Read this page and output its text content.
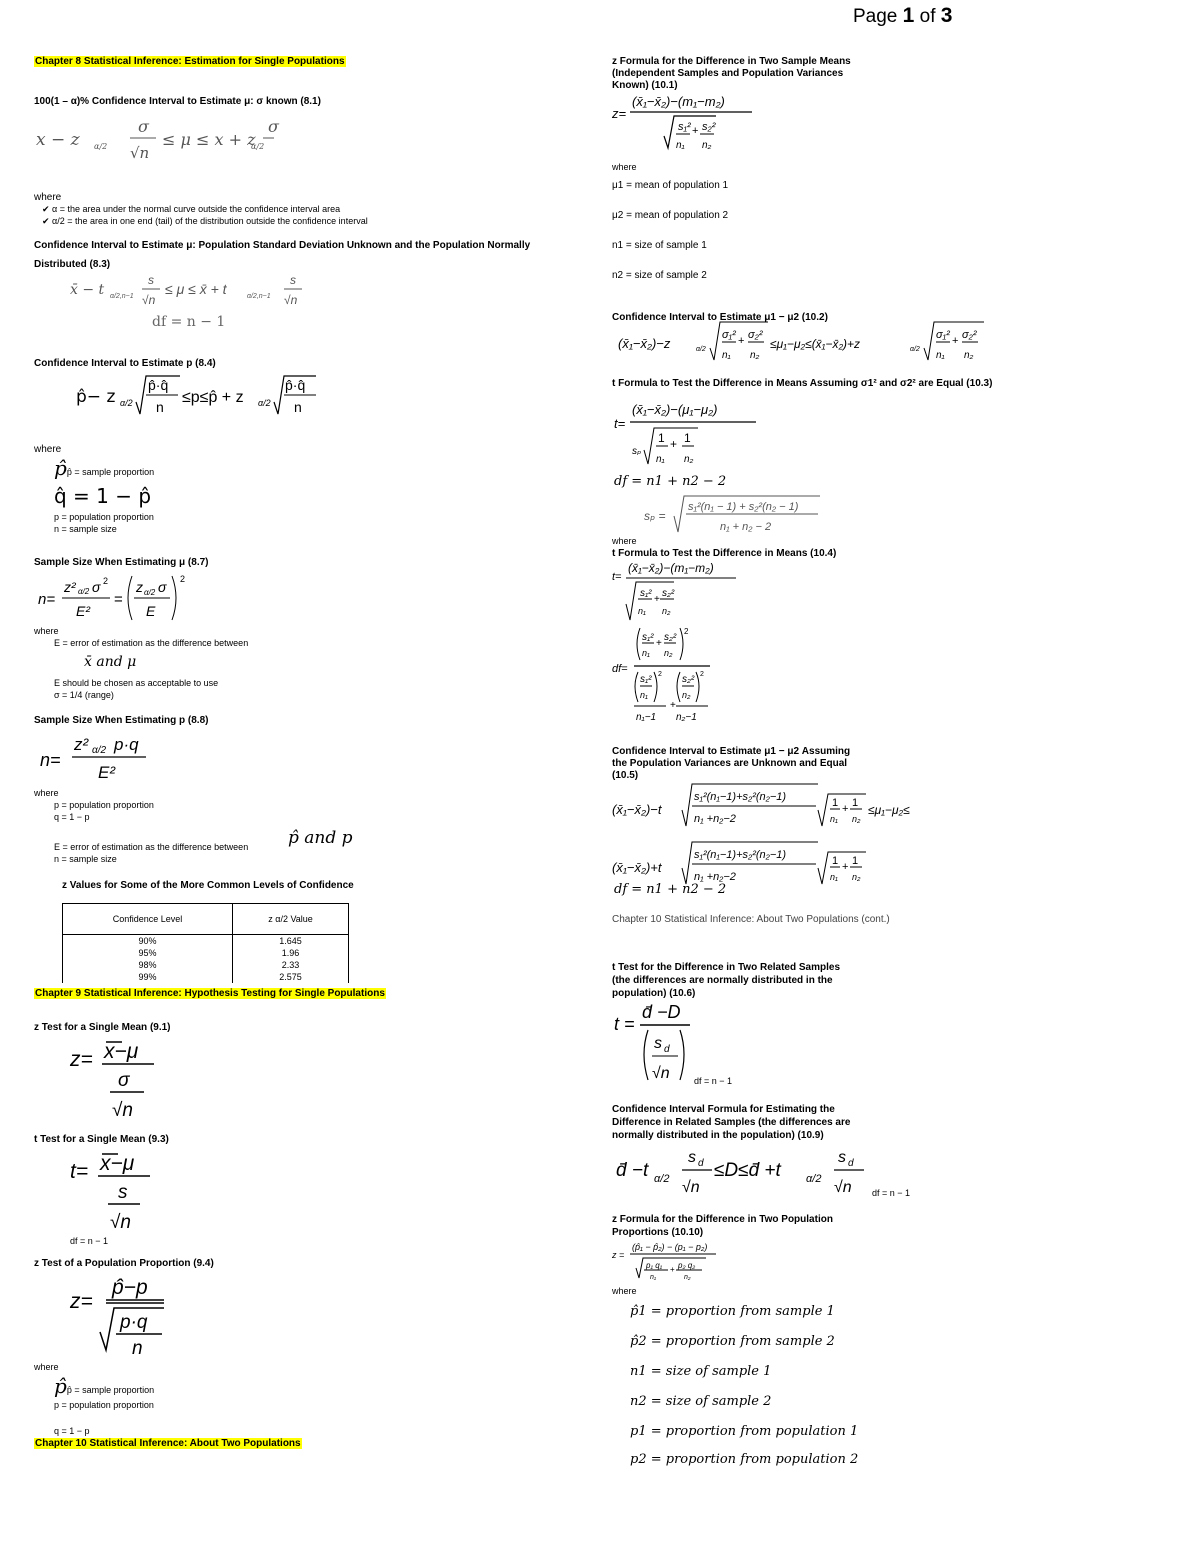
Page 1 of 3
Chapter 8 Statistical Inference: Estimation for Single Populations
100(1 – α)% Confidence Interval to Estimate μ: σ known (8.1)
x − z α/2
σ
√n
≤ μ ≤ x + z
α/2
σ
where
✔ α = the area under the normal curve outside the confidence interval area
✔ α/2 = the area in one end (tail) of the distribution outside the confidence interval
Confidence Interval to Estimate μ: Population Standard Deviation Unknown and the Population Normally Distributed (8.3)
x̄ − t α/2,n−1
s
√n
≤ μ ≤ x̄ + t	α/2,n−1
s
√n
df = n − 1
Confidence Interval to Estimate p (8.4)
p̂− z α/2
p̂·q̂
n
≤p≤p̂ + z α/2
p̂·q̂
n
where
p̂p̂ = sample proportion
q̂ = 1 − p̂
p = population proportion
n = sample size
Sample Size When Estimating μ (8.7)
n=
z² α/2 σ 2
E²
=
z α/2 σ
E
2
where
E = error of estimation as the difference between
x̄ and μ
E should be chosen as acceptable to use
σ = 1/4 (range)
Sample Size When Estimating p (8.8)
n=
z² α/2 p·q
E²
where
p = population proportion
q = 1 − p
E = error of estimation as the difference between p̂ and p
n = sample size
z Values for Some of the More Common Levels of Confidence
Confidence Level	z α/2 Value
90%	1.645
95%	1.96
98%	2.33
99%	2.575
Chapter 9 Statistical Inference: Hypothesis Testing for Single Populations
z Test for a Single Mean (9.1)
z= x−μ
σ
√n
t Test for a Single Mean (9.3)
t= x−μ
s
√n
df = n − 1
z Test of a Population Proportion (9.4)
z=
p̂−p
p·q
n
where
p̂p̂ = sample proportion
p = population proportion
q = 1 − p
Chapter 10 Statistical Inference: About Two Populations
z Formula for the Difference in Two Sample Means
(Independent Samples and Population Variances
Known) (10.1)
z=
(x̄₁−x̄₂)−(m₁−m₂)
s₁² + s₂²
n₁ n₂
where
μ1 = mean of population 1
μ2 = mean of population 2
n1 = size of sample 1
n2 = size of sample 2
Confidence Interval to Estimate μ1 − μ2 (10.2)
(x̄₁−x̄₂)−z	α/2
σ₁² + σ₂²
n₁ n₂
≤μ₁−μ₂≤(x̄₁−x̄₂)+z	α/2
σ₁² + σ₂²
n₁ n₂
t Formula to Test the Difference in Means Assuming σ1² and σ2² are Equal (10.3)
t=
(x̄₁−x̄₂)−(μ₁−μ₂)
sₚ
1 + 1
n₁ n₂
df = n1 + n2 − 2
sₚ =
s₁²(n₁ − 1) + s₂²(n₂ − 1)
n₁ + n₂ − 2
where
t Formula to Test the Difference in Means (10.4)
t=
(x̄₁−x̄₂)−(m₁−m₂)
s₁²
+
s₂²
n₁ n₂
df=
s₁²
+
s₂²
n₁ n₂
2
s₁²
n₁
2
n₁−1
+
s₂²
n₂
2
n₂−1
Confidence Interval to Estimate μ1 − μ2 Assuming
the Population Variances are Unknown and Equal
(10.5)
(x̄₁−x̄₂)−t
s₁²(n₁−1)+s₂²(n₂−1)
n₁ +n₂−2
1 + 1
n₁ n₂
≤μ₁−μ₂≤
(x̄₁−x̄₂)+t
s₁²(n₁−1)+s₂²(n₂−1)
n₁ +n₂−2
1 + 1
n₁ n₂
df = n1 + n2 − 2
Chapter 10 Statistical Inference: About Two Populations (cont.)
t Test for the Difference in Two Related Samples
(the differences are normally distributed in the
population) (10.6)
t =
d̄ −D
s d
√n	df = n − 1
Confidence Interval Formula for Estimating the
Difference in Related Samples (the differences are
normally distributed in the population) (10.9)
d̄ −t α/2
s d
√n
≤D≤d̄ +t α/2
s d
√n df = n − 1
z Formula for the Difference in Two Population
Proportions (10.10)
z =
(p̂₁ − p̂₂) − (p₁ − p₂)
p₁ q₁ + p₂ q₂
n₁	n₂
where
p̂1 = proportion from sample 1
p̂2 = proportion from sample 2
n1 = size of sample 1
n2 = size of sample 2
p1 = proportion from population 1
p2 = proportion from population 2
x̄ − z α/2 · σ/√n ≤ μ ≤ x̄ + z α/2 · σ/√n x̄ − t α/2,n−1 · s/√n ≤ μ ≤ x̄ + t α/2,n−1 · s/√n p̂ − z α/2 √(p̂·q̂ / n) ≤ p ≤ p̂ + z α/2 √(p̂·q̂ / n) n = z²α/2 σ² / E² = ( z α/2 σ / E )² n = z²α/2 p·q / E² z = (x̄ − μ) / (σ / √n) t = (x̄ − μ) / (s / √n) z = (p̂ − p) / √(p·q / n) where where z = [(x̄1 − x̄2) − (μ1 − μ2)] / √(s1²/n1 + s2²/n2) (x̄1 − x̄2) − z α/2 √(σ1²/n1 + σ2²/n2) ≤ μ1 − μ2 ≤ (x̄1 − x̄2) + z α/2 √(σ1²/n1 + σ2²/n2) t = [(x̄1 − x̄2) − (μ1 − μ2)] / (sp √(1/n1 + 1/n2)) sp = √[ (s1²(n1 − 1) + s2²(n2 − 1)) / (n1 + n2 − 2) ] t = [(x̄1 − x̄2) − (μ1 − μ2)] / √(s1²/n1 + s2²/n2) df = (s1²/n1 + s2²/n2)² / [ (s1²/n1)²/(n1 − 1) + (s2²/n2)²/(n2 − 1) ] (x̄1 − x̄2) − t √[(s1²(n1 − 1) + s2²(n2 − 1)) / (n1 + n2 − 2)] √(1/n1 + 1/n2) ≤ μ1 − μ2 ≤ (x̄1 − x̄2) + t √[(s1²(n1 − 1) + s2²(n2 − 1)) / (n1 + n2 − 2)] √(1/n1 + 1/n2) t = (d̄ − D) / (sd / √n) d̄ − t α/2 sd/√n ≤ D ≤ d̄ + t α/2 sd/√n z = [(p̂1 − p̂2) − (p1 − p2)] / √(p1·q1/n1 + p2·q2/n2)
